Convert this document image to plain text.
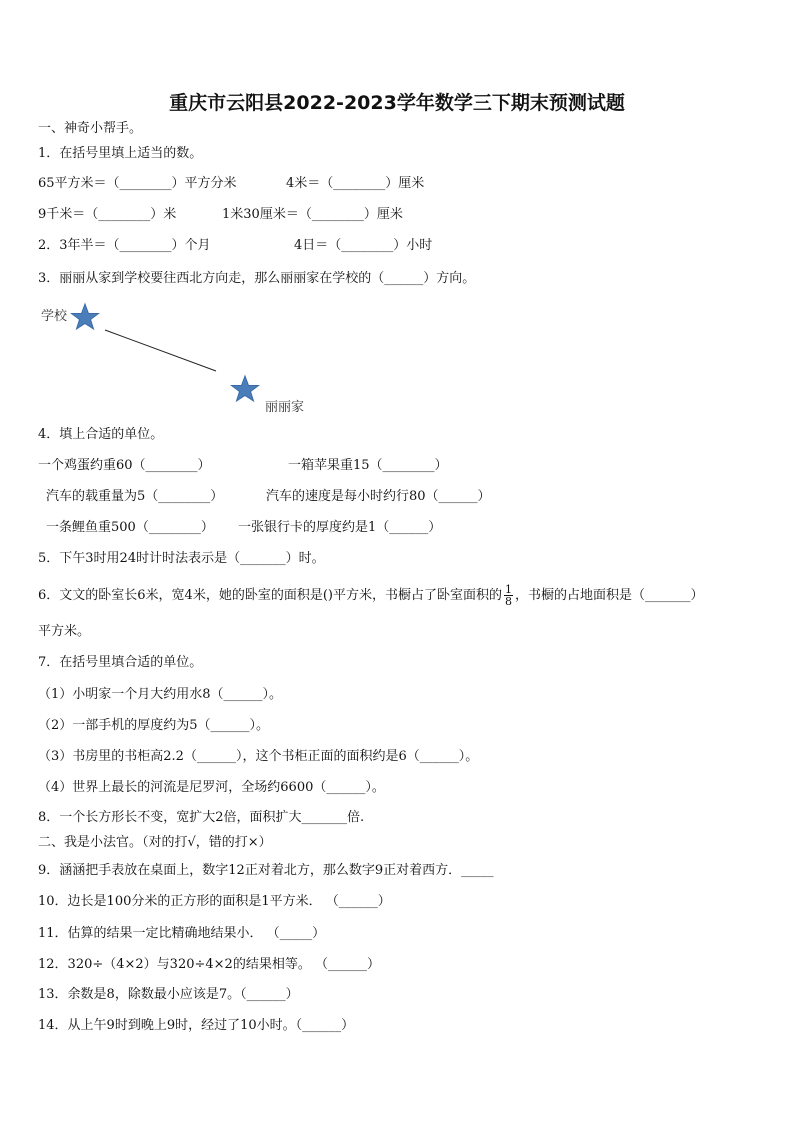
重庆市云阳县2022-2023学年数学三下期末预测试题
一、神奇小帮手。
1．在括号里填上适当的数。
65平方米＝（________）平方分米	4米＝（________）厘米
9千米＝（________）米	1米30厘米＝（________）厘米
2．3年半＝（________）个月	4日＝（________）小时
3．丽丽从家到学校要往西北方向走，那么丽丽家在学校的（______）方向。
学校
丽丽家
4．填上合适的单位。
一个鸡蛋约重60（________）	一箱苹果重15（________）
汽车的载重量为5（________）	汽车的速度是每小时约行80（______）
一条鲤鱼重500（________） 一张银行卡的厚度约是1（______）
5．下午3时用24时计时法表示是（_______）时。
6．文文的卧室长6米，宽4米，她的卧室的面积是()平方米，书橱占了卧室面积的 $\frac{1}{8}$ ，书橱的占地面积是（_______）
平方米。
7．在括号里填合适的单位。
（1）小明家一个月大约用水8（______）。
（2）一部手机的厚度约为5（______）。
（3）书房里的书柜高2.2（______），这个书柜正面的面积约是6（______）。
（4）世界上最长的河流是尼罗河，全场约6600（______）。
8．一个长方形长不变，宽扩大2倍，面积扩大_______倍.
二、我是小法官。（对的打√，错的打×）
9．涵涵把手表放在桌面上，数字12正对着北方，那么数字9正对着西方．_____
10．边长是100分米的正方形的面积是1平方米． （______）
11．估算的结果一定比精确地结果小． （_____）
12．320÷（4×2）与320÷4×2的结果相等。 （______）
13．余数是8，除数最小应该是7。（______）
14．从上午9时到晚上9时，经过了10小时。（______）
